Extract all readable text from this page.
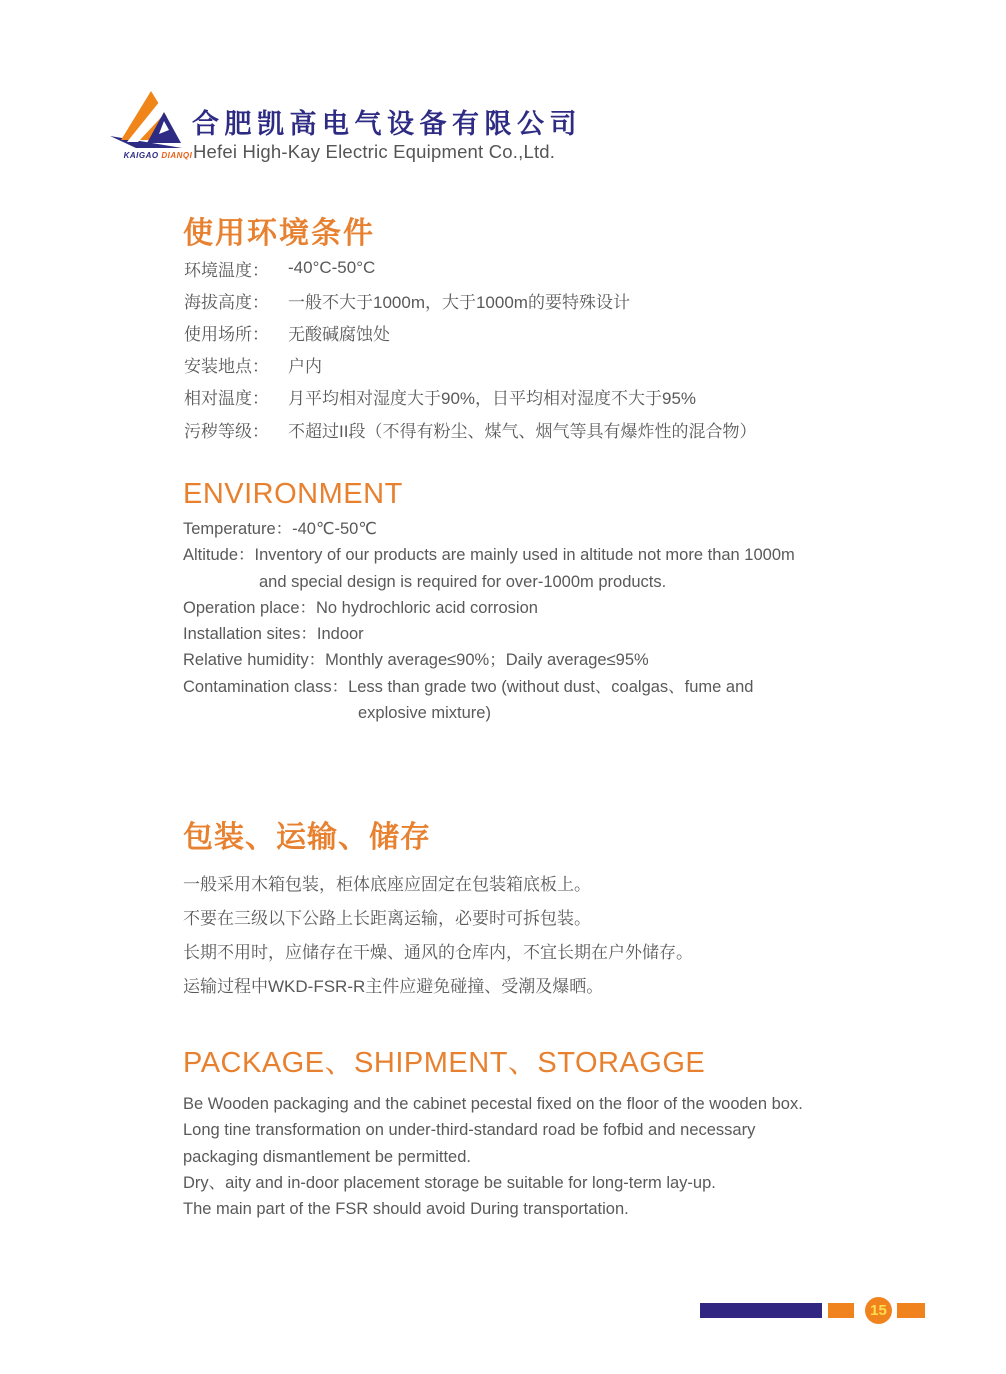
KAIGAO DIANQI
合肥凯高电气设备有限公司
Hefei High-Kay Electric Equipment Co.,Ltd.
使用环境条件
环境温度：	-40°C-50°C
海拔高度：	一般不大于1000m，大于1000m的要特殊设计
使用场所：	无酸碱腐蚀处
安装地点：	户内
相对温度：	月平均相对湿度大于90%，日平均相对湿度不大于95%
污秽等级：	不超过II段（不得有粉尘、煤气、烟气等具有爆炸性的混合物）
ENVIRONMENT
Temperature：-40℃-50℃
Altitude：Inventory of our products are mainly used in altitude not more than 1000m
and special design is required for over-1000m products.
Operation place：No hydrochloric acid corrosion
Installation sites：Indoor
Relative humidity：Monthly average≤90%；Daily average≤95%
Contamination class：Less than grade two (without dust、coalgas、fume and
explosive mixture)
包装、运输、储存
一般采用木箱包装，柜体底座应固定在包装箱底板上。
不要在三级以下公路上长距离运输，必要时可拆包装。
长期不用时，应储存在干燥、通风的仓库内，不宜长期在户外储存。
运输过程中WKD-FSR-R主件应避免碰撞、受潮及爆晒。
PACKAGE、SHIPMENT、STORAGGE
Be Wooden packaging and the cabinet pecestal fixed on the floor of the wooden box.
Long tine transformation on under-third-standard road be fofbid and necessary
packaging dismantlement be permitted.
Dry、aity and in-door placement storage be suitable for long-term lay-up.
The main part of the FSR should avoid During transportation.
15
